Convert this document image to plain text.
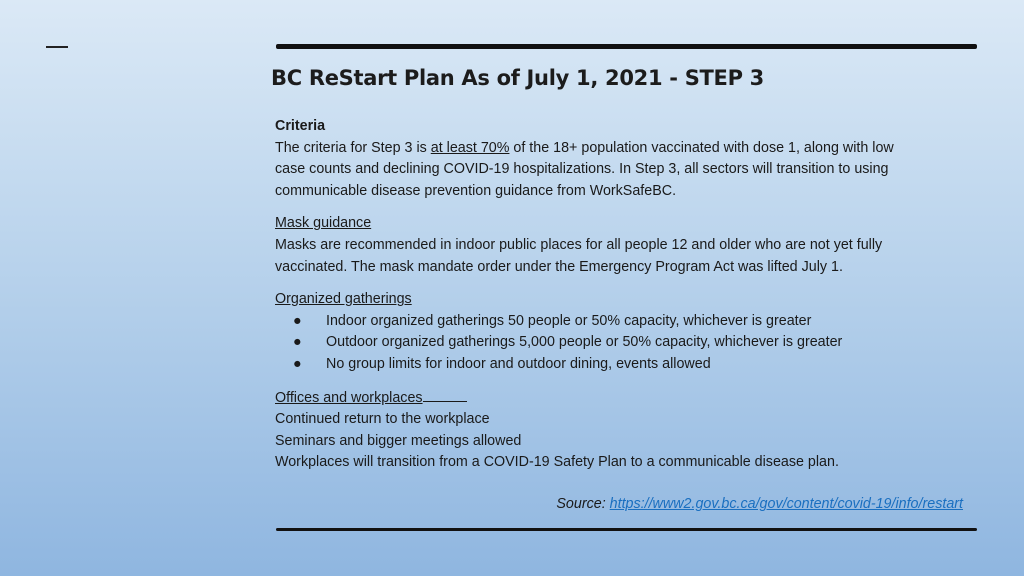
BC ReStart Plan As of July 1, 2021 - STEP 3
Criteria
The criteria for Step 3 is at least 70% of the 18+ population vaccinated with dose 1, along with low
case counts and declining COVID-19 hospitalizations. In Step 3, all sectors will transition to using
communicable disease prevention guidance from WorkSafeBC.
Mask guidance
Masks are recommended in indoor public places for all people 12 and older who are not yet fully
vaccinated. The mask mandate order under the Emergency Program Act was lifted July 1.
Organized gatherings
●	Indoor organized gatherings 50 people or 50% capacity, whichever is greater
●	Outdoor organized gatherings 5,000 people or 50% capacity, whichever is greater
●	No group limits for indoor and outdoor dining, events allowed
Offices and workplaces
Continued return to the workplace
Seminars and bigger meetings allowed
Workplaces will transition from a COVID-19 Safety Plan to a communicable disease plan.
Source: https://www2.gov.bc.ca/gov/content/covid-19/info/restart
